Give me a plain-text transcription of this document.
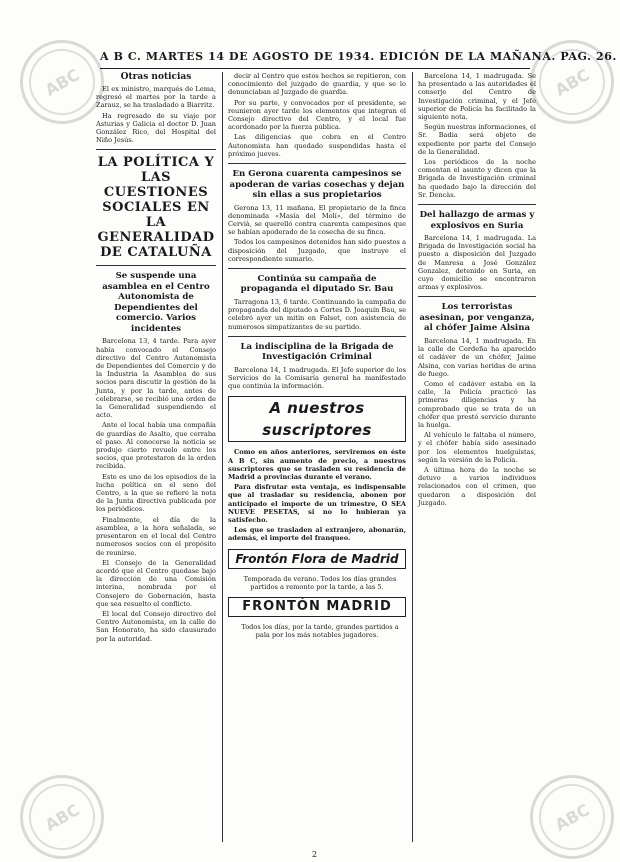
ABC	ABC
ABC	ABC
A B C. MARTES 14 DE AGOSTO DE 1934. EDICIÓN DE LA MAÑANA. PAG. 26.
Otras noticias

El ex ministro, marqués de Lema, regresó el martes por la tarde a Zarauz, se ha trasladado a Biarritz.

Ha regresado de su viaje por Asturias y Galicia el doctor D. Juan González Rico, del Hospital del Niño Jesús.

LA POLÍTICA Y LAS CUESTIONES SOCIALES EN LA GENERALIDAD DE CATALUÑA
Se suspende una asamblea en el Centro Autonomista de Dependientes del comercio. Varios incidentes

Barcelona 13, 4 tarde. Para ayer había convocado el Consejo directivo del Centro Autonomista de Dependientes del Comercio y de la Industria la Asamblea de sus socios para discutir la gestión de la Junta, y por la tarde, antes de celebrarse, se recibió una orden de la Generalidad suspendiendo el acto.

Ante el local había una compañía de guardias de Asalto, que cerraba el paso. Al conocerse la noticia se produjo cierto revuelo entre los socios, que protestaron de la orden recibida.

Este es uno de los episodios de la lucha política en el seno del Centro, a la que se refiere la nota de la Junta directiva publicada por los periódicos.

Finalmente, el día de la asamblea, a la hora señalada, se presentaron en el local del Centro numerosos socios con el propósito de reunirse.

El Consejo de la Generalidad acordó que el Centro quedase bajo la dirección de una Comisión interina, nombrada por el Consejero de Gobernación, hasta que sea resuelto el conflicto.

El local del Consejo directivo del Centro Autonomista, en la calle de San Honorato, ha sido clausurado por la autoridad.

decir al Centro que estos hechos se repitieron, con conocimiento del juzgado de guardia, y que se lo denunciaban al Juzgado de guardia.

Por su parte, y convocados por el presidente, se reunieron ayer tarde los elementos que integran el Consejo directivo del Centro, y el local fue acordonado por la fuerza pública.

Las diligencias que cobra en el Centro Autonomista han quedado suspendidas hasta el próximo jueves.

En Gerona cuarenta campesinos se apoderan de varias cosechas y dejan sin ellas a sus propietarios

Gerona 13, 11 mañana. El propietario de la finca denominada «Masía del Molí», del término de Cervià, se querelló contra cuarenta campesinos que se habían apoderado de la cosecha de su finca.

Todos los campesinos detenidos han sido puestos a disposición del Juzgado, que instruye el correspondiente sumario.

Continúa su campaña de propaganda el diputado Sr. Bau

Tarragona 13, 6 tarde. Continuando la campaña de propaganda del diputado a Cortes D. Joaquín Bau, se celebró ayer un mitin en Falset, con asistencia de numerosos simpatizantes de su partido.

La indisciplina de la Brigada de Investigación Criminal

Barcelona 14, 1 madrugada. El Jefe superior de los Servicios de la Comisaría general ha manifestado que continúa la información.

A nuestros suscriptores

Como en años anteriores, serviremos en éste A B C, sin aumento de precio, a nuestros suscriptores que se trasladen su residencia de Madrid a provincias durante el verano.

Para disfrutar esta ventaja, es indispensable que al trasladar su residencia, abonen por anticipado el importe de un trimestre, O SEA NUEVE PESETAS, si no lo hubieran ya satisfecho.

Los que se trasladen al extranjero, abonarán, además, el importe del franqueo.

Frontón Flora de Madrid

Temporada de verano. Todos los días grandes partidos a remonte por la tarde, a las 5.

FRONTÓN MADRID

Todos los días, por la tarde, grandes partidos a pala por los más notables jugadores.

Barcelona 14, 1 madrugada. Se ha presentado a las autoridades el conserje del Centro de Investigación criminal, y el Jefe superior de Policía ha facilitado la siguiente nota.

Según nuestras informaciones, el Sr. Badia será objeto de expediente por parte del Consejo de la Generalidad.

Los periódicos de la noche comentan el asunto y dicen que la Brigada de Investigación criminal ha quedado bajo la dirección del Sr. Dencàs.

Del hallazgo de armas y explosivos en Suria

Barcelona 14, 1 madrugada. La Brigada de Investigación social ha puesto a disposición del Juzgado de Manresa a José González Gonzalez, detenido en Suria, en cuyo domicilio se encontraron armas y explosivos.

Los terroristas asesinan, por venganza, al chófer Jaime Alsina

Barcelona 14, 1 madrugada. En la calle de Cerdeña ha aparecido el cadáver de un chófer, Jaime Alsina, con varias heridas de arma de fuego.

Como el cadáver estaba en la calle, la Policía practicó las primeras diligencias y ha comprobado que se trata de un chófer que prestó servicio durante la huelga.

Al vehículo le faltaba el número, y el chófer había sido asesinado por los elementos huelguistas, según la versión de la Policía.

A última hora de la noche se detuvo a varios individuos relacionados con el crimen, que quedaron a disposición del Juzgado.

2
